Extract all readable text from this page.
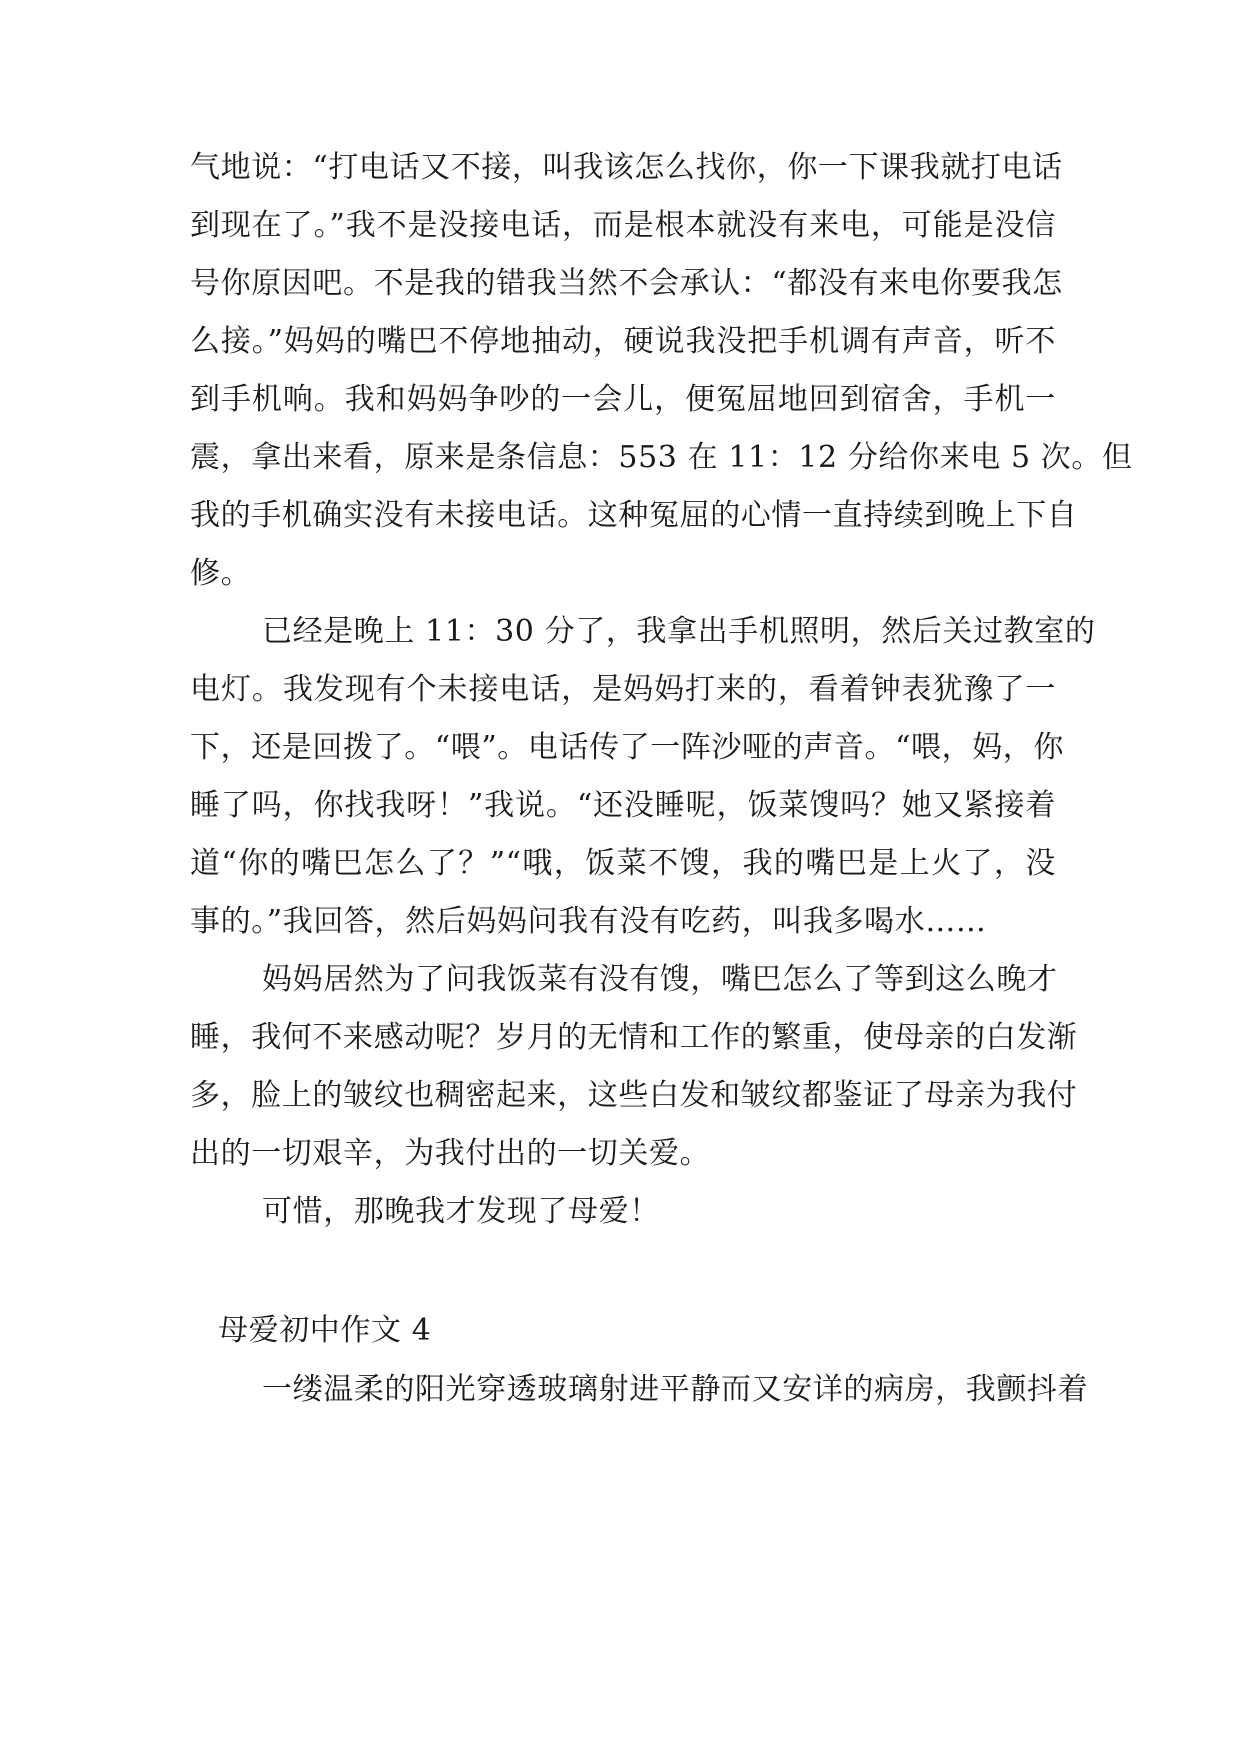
气地说：“打电话又不接，叫我该怎么找你，你一下课我就打电话
到现在了。”我不是没接电话，而是根本就没有来电，可能是没信
号你原因吧。不是我的错我当然不会承认：“都没有来电你要我怎
么接。”妈妈的嘴巴不停地抽动，硬说我没把手机调有声音，听不
到手机响。我和妈妈争吵的一会儿，便冤屈地回到宿舍，手机一
震，拿出来看，原来是条信息：553 在 11：12 分给你来电 5 次。但
我的手机确实没有未接电话。这种冤屈的心情一直持续到晚上下自
修。
已经是晚上 11：30 分了，我拿出手机照明，然后关过教室的
电灯。我发现有个未接电话，是妈妈打来的，看着钟表犹豫了一
下，还是回拨了。“喂”。电话传了一阵沙哑的声音。“喂，妈，你
睡了吗，你找我呀！”我说。“还没睡呢，饭菜馊吗？她又紧接着
道“你的嘴巴怎么了？”“哦，饭菜不馊，我的嘴巴是上火了，没
事的。”我回答，然后妈妈问我有没有吃药，叫我多喝水……
妈妈居然为了问我饭菜有没有馊，嘴巴怎么了等到这么晚才
睡，我何不来感动呢？岁月的无情和工作的繁重，使母亲的白发渐
多，脸上的皱纹也稠密起来，这些白发和皱纹都鉴证了母亲为我付
出的一切艰辛，为我付出的一切关爱。
可惜，那晚我才发现了母爱！
母爱初中作文 4
一缕温柔的阳光穿透玻璃射进平静而又安详的病房，我颤抖着
